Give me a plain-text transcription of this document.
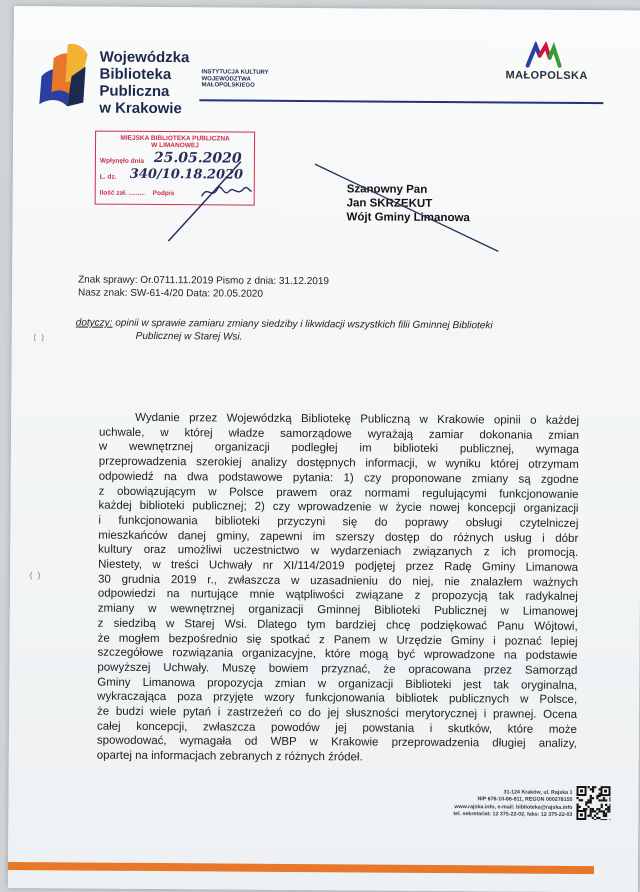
Wojewódzka
Biblioteka
Publiczna
w Krakowie
INSTYTUCJA KULTURY
WOJEWÓDZTWA
MAŁOPOLSKIEGO
MAŁOPOLSKA
MIEJSKA BIBLIOTEKA PUBLICZNA
W LIMANOWEJ
Wpłynęło dnia
L. dz.
Ilość zał. ......... Podpis
25.05.2020
340/10.18.2020
Szanowny Pan
Jan SKRZEKUT
Wójt Gminy Limanowa
Znak sprawy: Or.0711.11.2019 Pismo z dnia: 31.12.2019
Nasz znak: SW-61-4/20 Data: 20.05.2020
dotyczy: opinii w sprawie zamiaru zmiany siedziby i likwidacji wszystkich filii Gminnej Biblioteki
Publicznej w Starej Wsi.
Wydanie przez Wojewódzką Bibliotekę Publiczną w Krakowie opinii o każdej
uchwale, w której władze samorządowe wyrażają zamiar dokonania zmian
w wewnętrznej organizacji podległej im biblioteki publicznej, wymaga
przeprowadzenia szerokiej analizy dostępnych informacji, w wyniku której otrzymam
odpowiedź na dwa podstawowe pytania: 1) czy proponowane zmiany są zgodne
z obowiązującym w Polsce prawem oraz normami regulującymi funkcjonowanie
każdej biblioteki publicznej; 2) czy wprowadzenie w życie nowej koncepcji organizacji
i funkcjonowania biblioteki przyczyni się do poprawy obsługi czytelniczej
mieszkańców danej gminy, zapewni im szerszy dostęp do różnych usług i dóbr
kultury oraz umożliwi uczestnictwo w wydarzeniach związanych z ich promocją.
Niestety, w treści Uchwały nr XI/114/2019 podjętej przez Radę Gminy Limanowa
30 grudnia 2019 r., zwłaszcza w uzasadnieniu do niej, nie znalazłem ważnych
odpowiedzi na nurtujące mnie wątpliwości związane z propozycją tak radykalnej
zmiany w wewnętrznej organizacji Gminnej Biblioteki Publicznej w Limanowej
z siedzibą w Starej Wsi. Dlatego tym bardziej chcę podziękować Panu Wójtowi,
że mogłem bezpośrednio się spotkać z Panem w Urzędzie Gminy i poznać lepiej
szczegółowe rozwiązania organizacyjne, które mogą być wprowadzone na podstawie
powyższej Uchwały. Muszę bowiem przyznać, że opracowana przez Samorząd
Gminy Limanowa propozycja zmian w organizacji Biblioteki jest tak oryginalna,
wykraczająca poza przyjęte wzory funkcjonowania bibliotek publicznych w Polsce,
że budzi wiele pytań i zastrzeżeń co do jej słuszności merytorycznej i prawnej. Ocena
całej koncepcji, zwłaszcza powodów jej powstania i skutków, które może
spowodować, wymagała od WBP w Krakowie przeprowadzenia długiej analizy,
opartej na informacjach zebranych z różnych źródeł.
31-124 Kraków, ul. Rajska 1
NIP 676-10-86-811, REGON 000278155
www.rajska.info, e-mail: biblioteka@rajska.info
tel. sekretariat: 12 375-22-02, faks: 12 375-22-03
